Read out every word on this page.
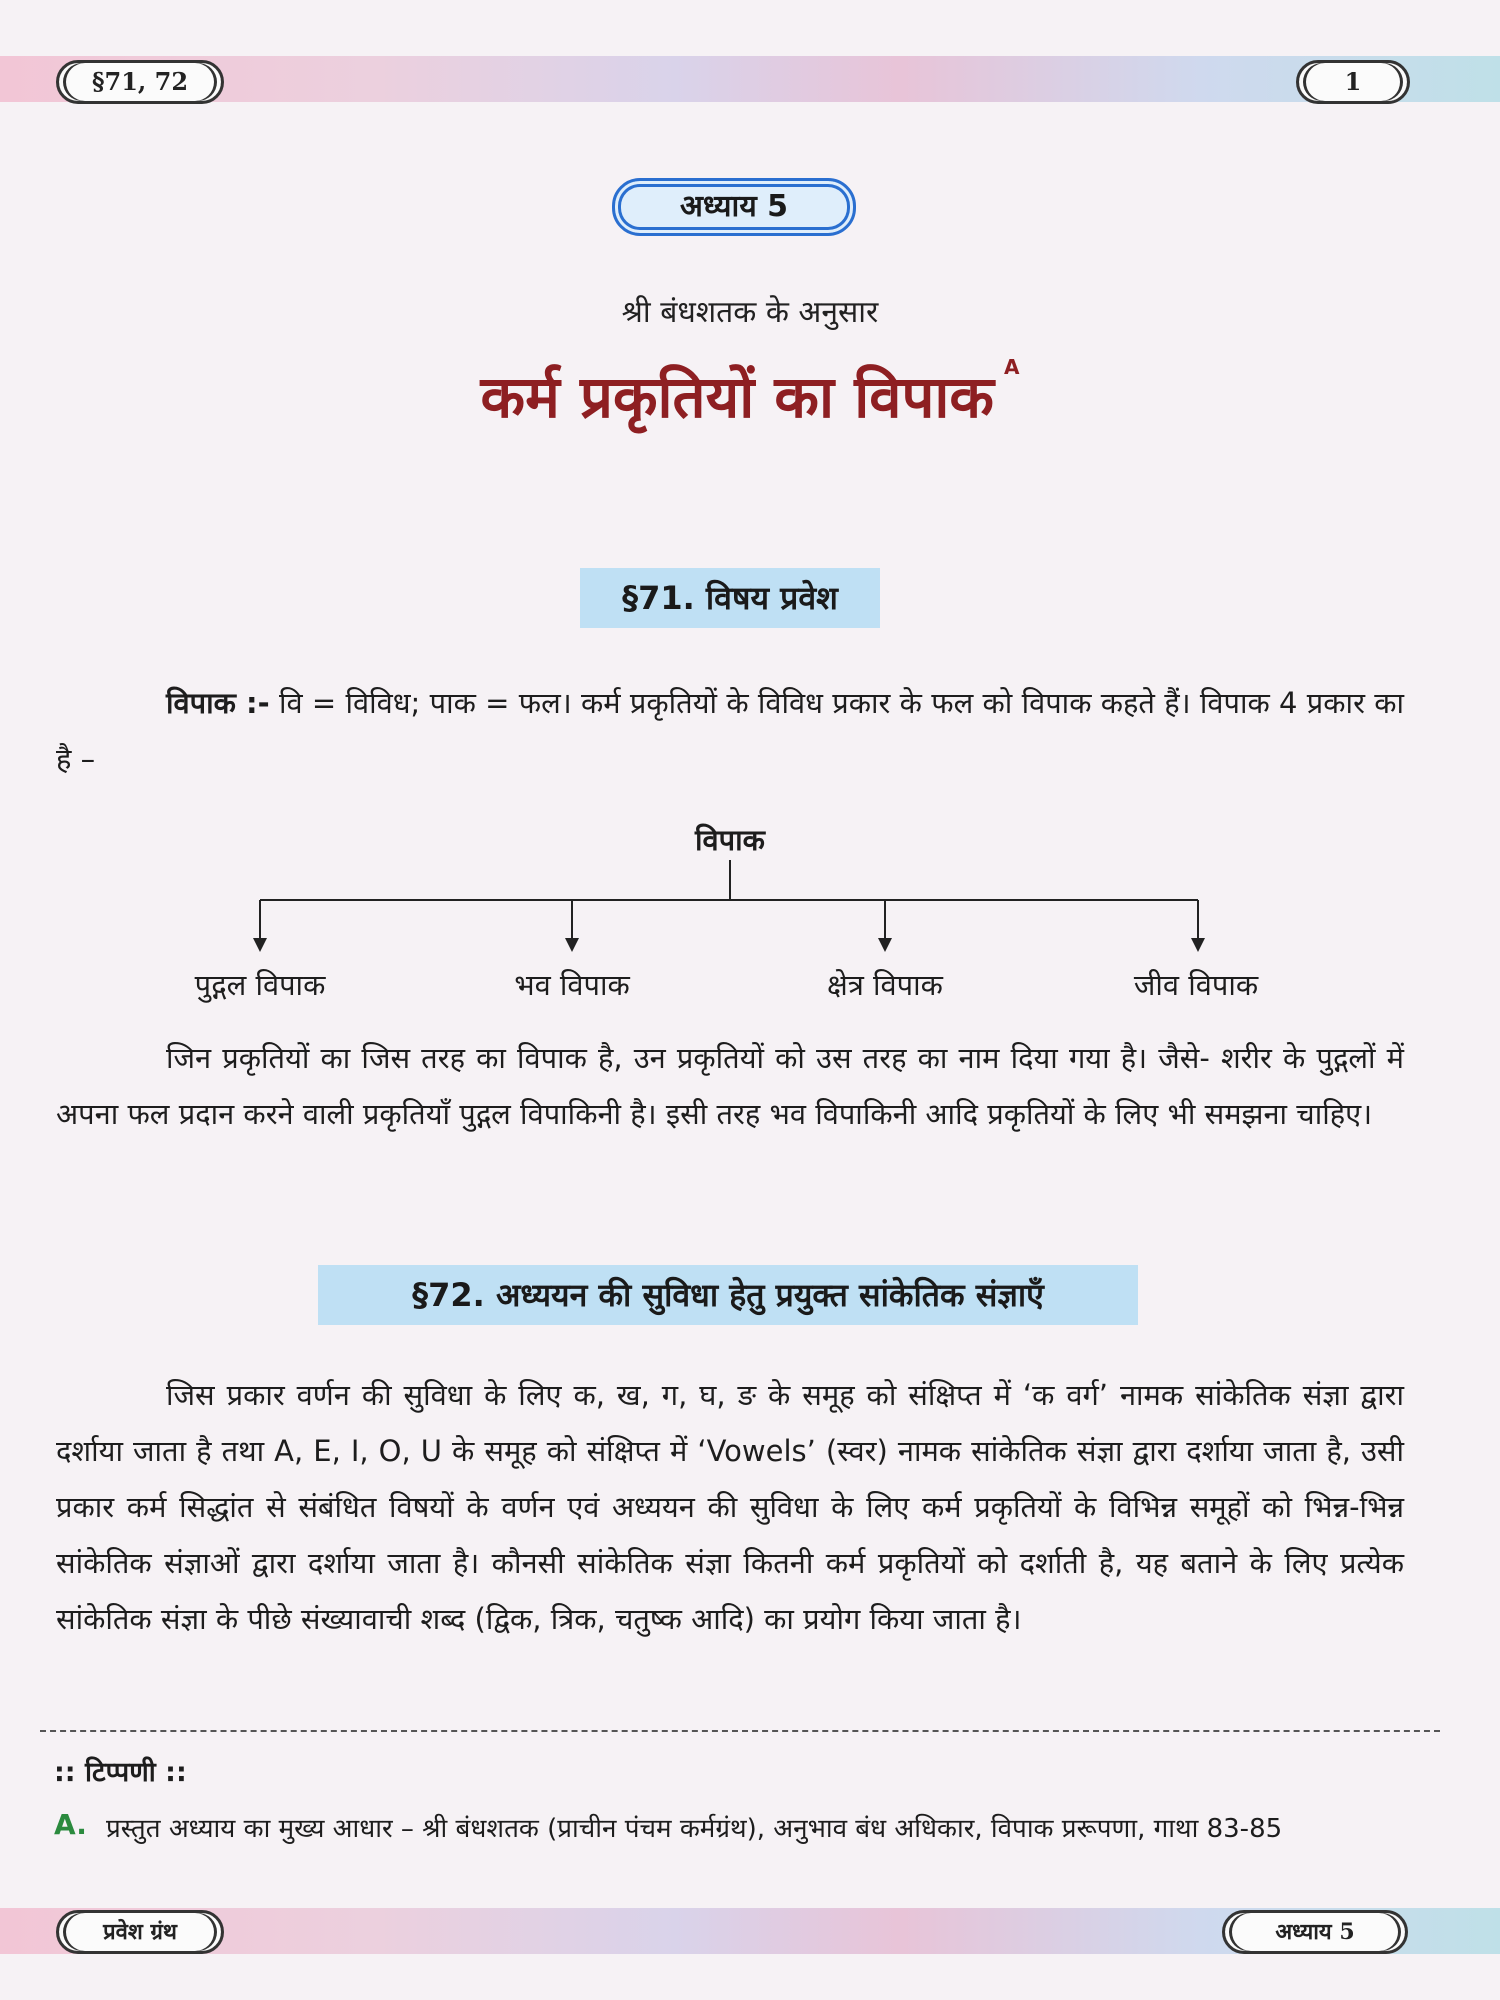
§71, 72	1
अध्याय 5
श्री बंधशतक के अनुसार
कर्म प्रकृतियों का विपाक $^A$
§71. विषय प्रवेश

विपाक :- वि = विविध; पाक = फल। कर्म प्रकृतियों के विविध प्रकार के फल को विपाक कहते हैं। विपाक 4 प्रकार का है –

विपाक
पुद्गल विपाक	भव विपाक	क्षेत्र विपाक	जीव विपाक

जिन प्रकृतियों का जिस तरह का विपाक है, उन प्रकृतियों को उस तरह का नाम दिया गया है। जैसे- शरीर के पुद्गलों में अपना फल प्रदान करने वाली प्रकृतियाँ पुद्गल विपाकिनी है। इसी तरह भव विपाकिनी आदि प्रकृतियों के लिए भी समझना चाहिए।

§72. अध्ययन की सुविधा हेतु प्रयुक्त सांकेतिक संज्ञाएँ

जिस प्रकार वर्णन की सुविधा के लिए क, ख, ग, घ, ङ के समूह को संक्षिप्त में ‘क वर्ग’ नामक सांकेतिक संज्ञा द्वारा दर्शाया जाता है तथा A, E, I, O, U के समूह को संक्षिप्त में ‘Vowels’ (स्वर) नामक सांकेतिक संज्ञा द्वारा दर्शाया जाता है, उसी प्रकार कर्म सिद्धांत से संबंधित विषयों के वर्णन एवं अध्ययन की सुविधा के लिए कर्म प्रकृतियों के विभिन्न समूहों को भिन्न-भिन्न सांकेतिक संज्ञाओं द्वारा दर्शाया जाता है। कौनसी सांकेतिक संज्ञा कितनी कर्म प्रकृतियों को दर्शाती है, यह बताने के लिए प्रत्येक सांकेतिक संज्ञा के पीछे संख्यावाची शब्द (द्विक, त्रिक, चतुष्क आदि) का प्रयोग किया जाता है।

:: टिप्पणी ::
A. प्रस्तुत अध्याय का मुख्य आधार – श्री बंधशतक (प्राचीन पंचम कर्मग्रंथ), अनुभाव बंध अधिकार, विपाक प्ररूपणा, गाथा 83-85

प्रवेश ग्रंथ	अध्याय 5
